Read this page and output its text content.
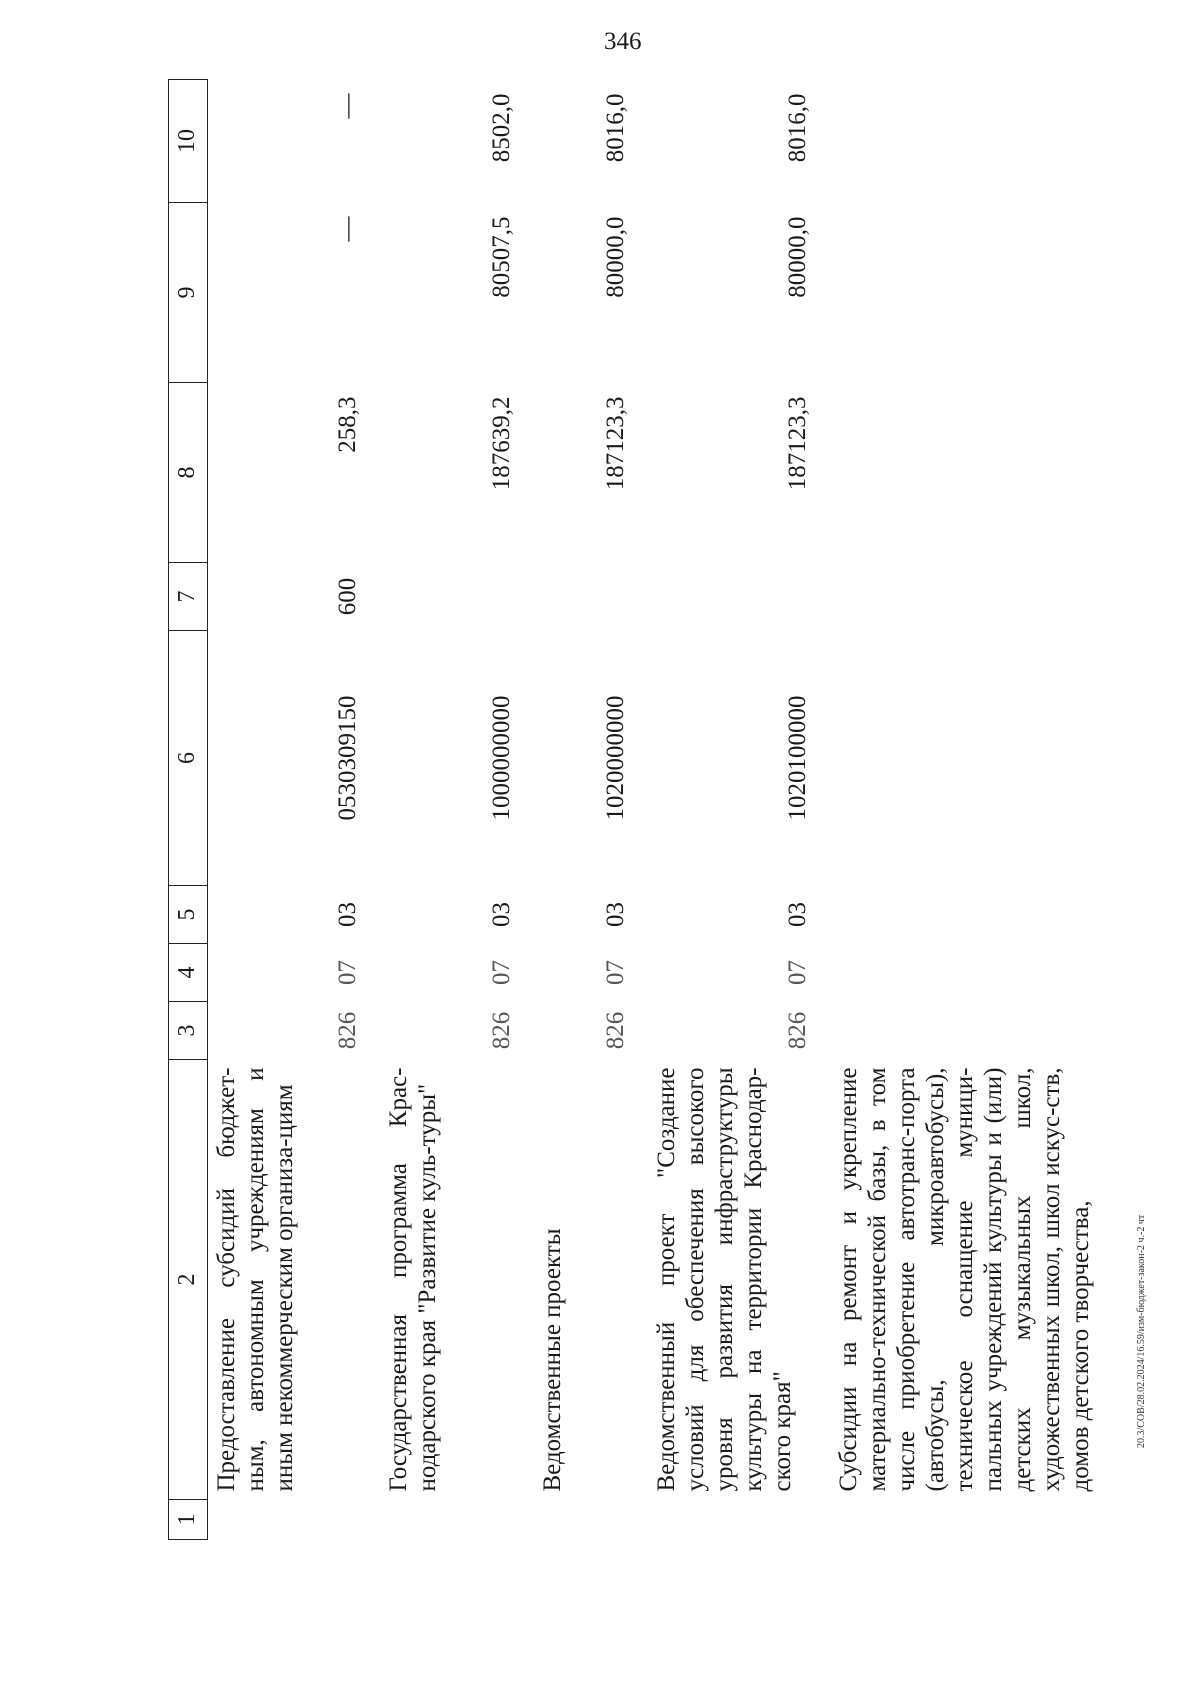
346
1	2	3	4	5	6	7	8	9	10
	Предоставление субсидий бюджет-ным, автономным учреждениям и иным некоммерческим организа-циям	826	07	03	0530309150	600	258,3	—	—
	Государственная программа Крас-нодарского края "Развитие куль-туры"	826	07	03	1000000000		187639,2	80507,5	8502,0
	Ведомственные проекты	826	07	03	1020000000		187123,3	80000,0	8016,0
	Ведомственный проект "Создание условий для обеспечения высокого уровня развития инфраструктуры культуры на территории Краснодар-ского края"	826	07	03	1020100000		187123,3	80000,0	8016,0
	Субсидии на ремонт и укрепление материально-технической базы, в том числе приобретение автотранс-порта (автобусы, микроавтобусы), техническое оснащение муници-пальных учреждений культуры и (или) детских музыкальных школ, художественных школ, школ искус-ств, домов детского творчества,									20.3/COB/28.02.2024/16.59/изм-бюджет-закон-2 ч.-2 чт
